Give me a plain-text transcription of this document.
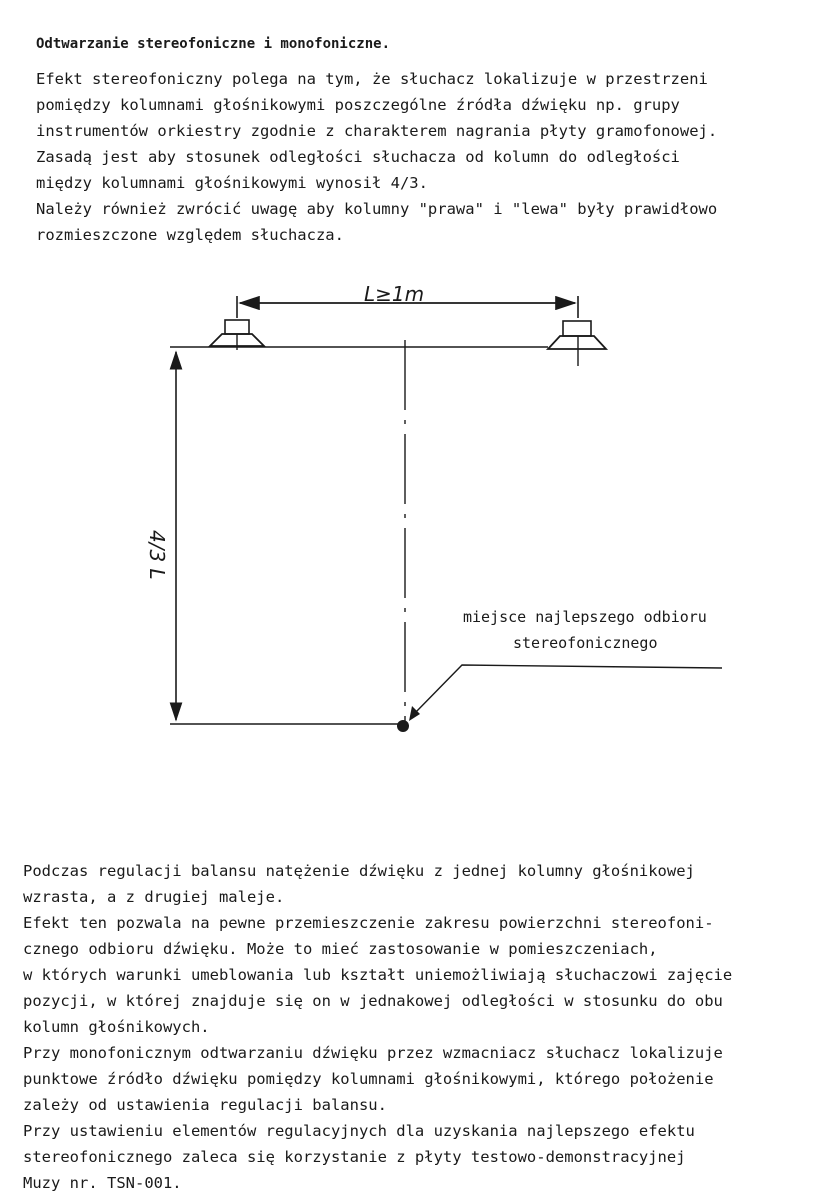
Odtwarzanie stereofoniczne i monofoniczne.
Efekt stereofoniczny polega na tym, że słuchacz lokalizuje w przestrzeni
pomiędzy kolumnami głośnikowymi poszczególne źródła dźwięku np. grupy
instrumentów orkiestry zgodnie z charakterem nagrania płyty gramofonowej.
Zasadą jest aby stosunek odległości słuchacza od kolumn do odległości
między kolumnami głośnikowymi wynosił 4/3.
Należy również zwrócić uwagę aby kolumny "prawa" i "lewa" były prawidłowo
rozmieszczone względem słuchacza.
L≥1m
4/3 L
miejsce najlepszego odbioru
stereofonicznego
Podczas regulacji balansu natężenie dźwięku z jednej kolumny głośnikowej
wzrasta, a z drugiej maleje.
Efekt ten pozwala na pewne przemieszczenie zakresu powierzchni stereofoni-
cznego odbioru dźwięku. Może to mieć zastosowanie w pomieszczeniach,
w których warunki umeblowania lub kształt uniemożliwiają słuchaczowi zajęcie
pozycji, w której znajduje się on w jednakowej odległości w stosunku do obu
kolumn głośnikowych.
Przy monofonicznym odtwarzaniu dźwięku przez wzmacniacz słuchacz lokalizuje
punktowe źródło dźwięku pomiędzy kolumnami głośnikowymi, którego położenie
zależy od ustawienia regulacji balansu.
Przy ustawieniu elementów regulacyjnych dla uzyskania najlepszego efektu
stereofonicznego zaleca się korzystanie z płyty testowo-demonstracyjnej
Muzy nr. TSN-001.
